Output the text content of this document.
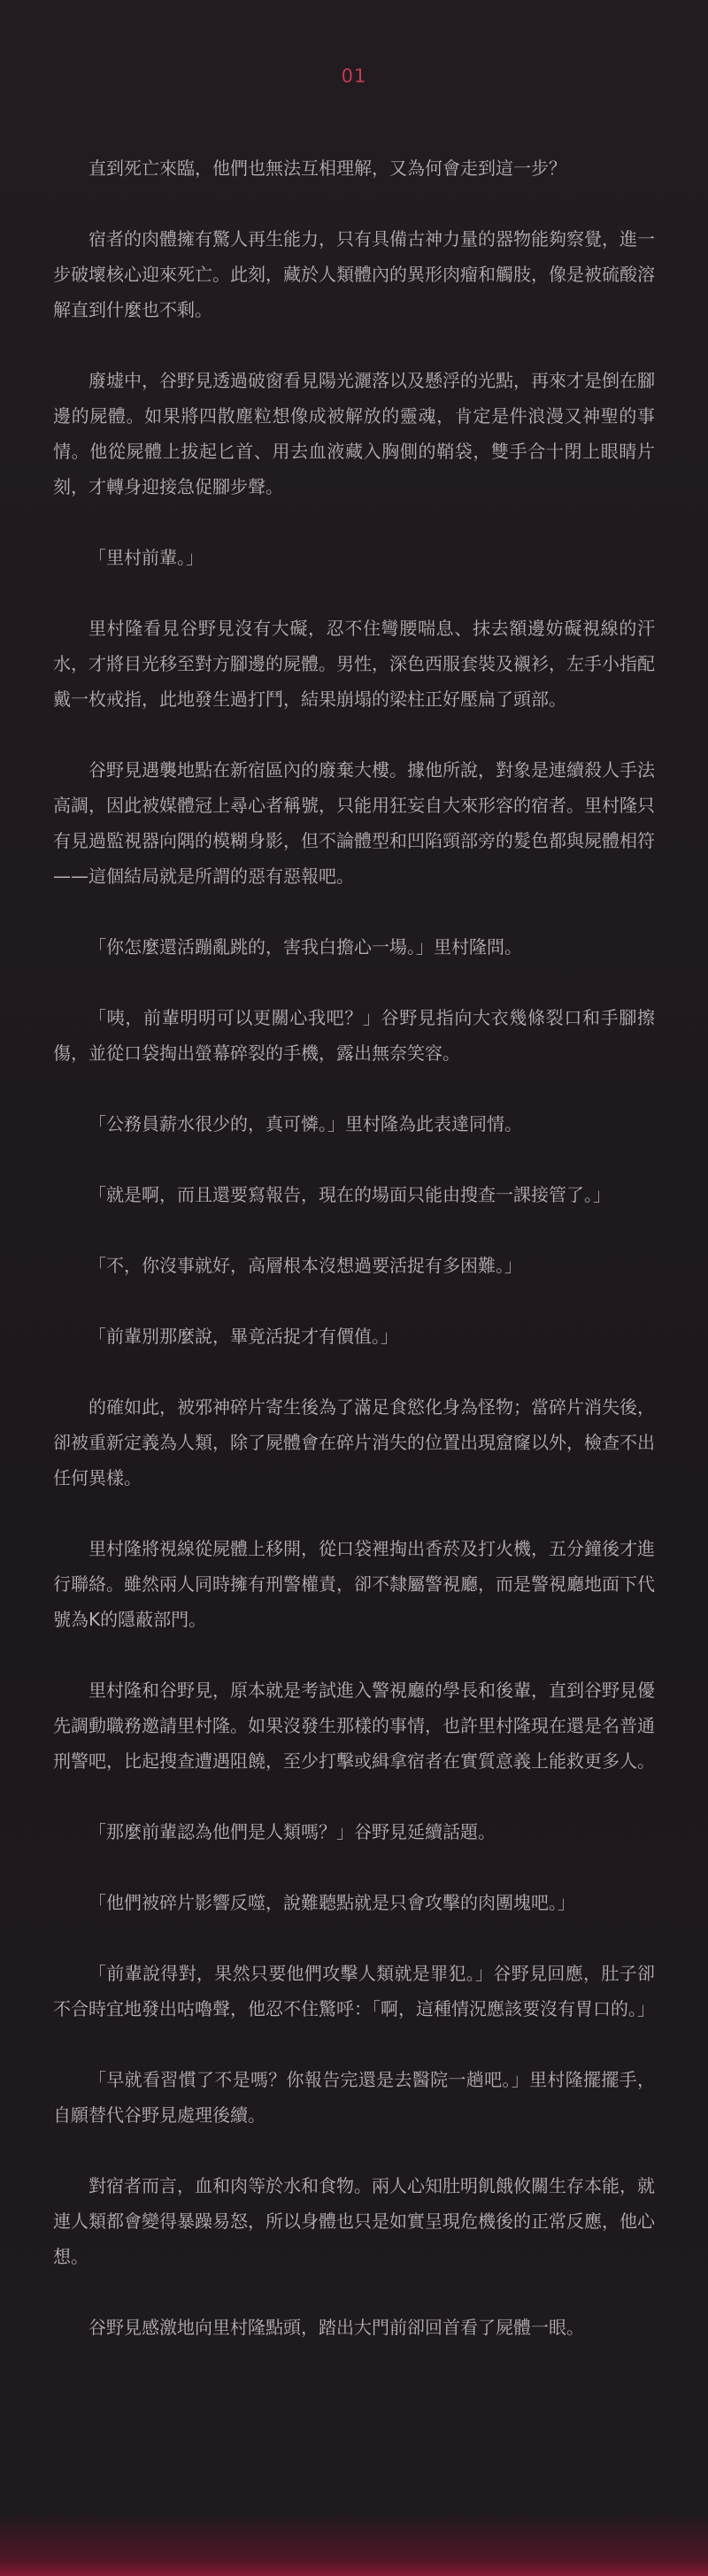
01

直到死亡來臨，他們也無法互相理解，又為何會走到這一步？

宿者的肉體擁有驚人再生能力，只有具備古神力量的器物能夠察覺，進一步破壞核心迎來死亡。此刻，藏於人類體內的異形肉瘤和觸肢，像是被硫酸溶解直到什麼也不剩。

廢墟中，谷野見透過破窗看見陽光灑落以及懸浮的光點，再來才是倒在腳邊的屍體。如果將四散塵粒想像成被解放的靈魂，肯定是件浪漫又神聖的事情。他從屍體上拔起匕首、用去血液藏入胸側的鞘袋，雙手合十閉上眼睛片刻，才轉身迎接急促腳步聲。

「里村前輩。」

里村隆看見谷野見沒有大礙，忍不住彎腰喘息、抹去額邊妨礙視線的汗水，才將目光移至對方腳邊的屍體。男性，深色西服套裝及襯衫，左手小指配戴一枚戒指，此地發生過打鬥，結果崩塌的梁柱正好壓扁了頭部。

谷野見遇襲地點在新宿區內的廢棄大樓。據他所說，對象是連續殺人手法高調，因此被媒體冠上尋心者稱號，只能用狂妄自大來形容的宿者。里村隆只有見過監視器向隅的模糊身影，但不論體型和凹陷頸部旁的髮色都與屍體相符——這個結局就是所謂的惡有惡報吧。

「你怎麼還活蹦亂跳的，害我白擔心一場。」里村隆問。

「咦，前輩明明可以更關心我吧？」谷野見指向大衣幾條裂口和手腳擦傷，並從口袋掏出螢幕碎裂的手機，露出無奈笑容。

「公務員薪水很少的，真可憐。」里村隆為此表達同情。

「就是啊，而且還要寫報告，現在的場面只能由搜查一課接管了。」

「不，你沒事就好，高層根本沒想過要活捉有多困難。」

「前輩別那麼說，畢竟活捉才有價值。」

的確如此，被邪神碎片寄生後為了滿足食慾化身為怪物；當碎片消失後，卻被重新定義為人類，除了屍體會在碎片消失的位置出現窟窿以外，檢查不出任何異樣。

里村隆將視線從屍體上移開，從口袋裡掏出香菸及打火機，五分鐘後才進行聯絡。雖然兩人同時擁有刑警權責，卻不隸屬警視廳，而是警視廳地面下代號為K的隱蔽部門。

里村隆和谷野見，原本就是考試進入警視廳的學長和後輩，直到谷野見優先調動職務邀請里村隆。如果沒發生那樣的事情，也許里村隆現在還是名普通刑警吧，比起搜查遭遇阻饒，至少打擊或緝拿宿者在實質意義上能救更多人。

「那麼前輩認為他們是人類嗎？」谷野見延續話題。

「他們被碎片影響反噬，說難聽點就是只會攻擊的肉團塊吧。」

「前輩說得對，果然只要他們攻擊人類就是罪犯。」谷野見回應，肚子卻不合時宜地發出咕嚕聲，他忍不住驚呼：「啊，這種情況應該要沒有胃口的。」

「早就看習慣了不是嗎？你報告完還是去醫院一趟吧。」里村隆擺擺手，自願替代谷野見處理後續。

對宿者而言，血和肉等於水和食物。兩人心知肚明飢餓攸關生存本能，就連人類都會變得暴躁易怒，所以身體也只是如實呈現危機後的正常反應，他心想。

谷野見感激地向里村隆點頭，踏出大門前卻回首看了屍體一眼。
